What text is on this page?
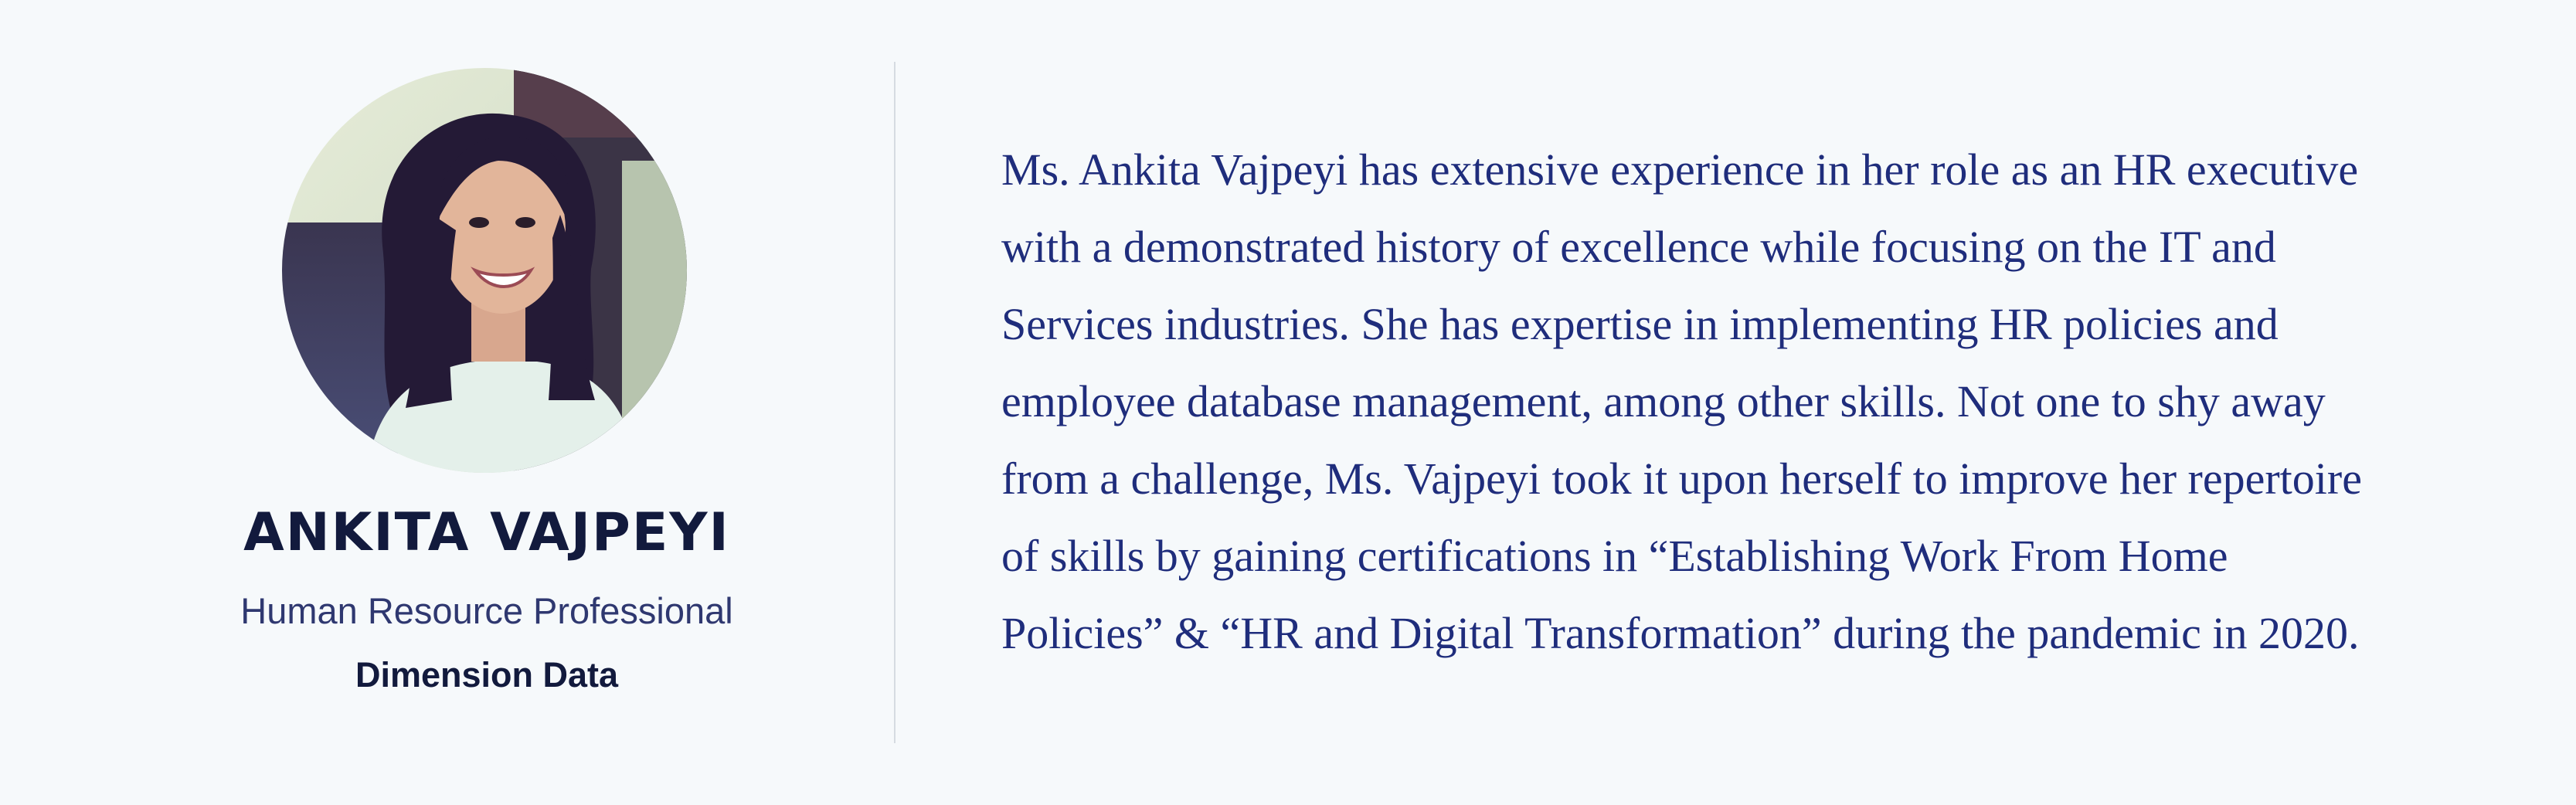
ANKITA VAJPEYI
Human Resource Professional
Dimension Data

Ms. Ankita Vajpeyi has extensive experience in her role as an HR executive
with a demonstrated history of excellence while focusing on the IT and
Services industries. She has expertise in implementing HR policies and
employee database management, among other skills. Not one to shy away
from a challenge, Ms. Vajpeyi took it upon herself to improve her repertoire
of skills by gaining certifications in “Establishing Work From Home
Policies” & “HR and Digital Transformation” during the pandemic in 2020.
